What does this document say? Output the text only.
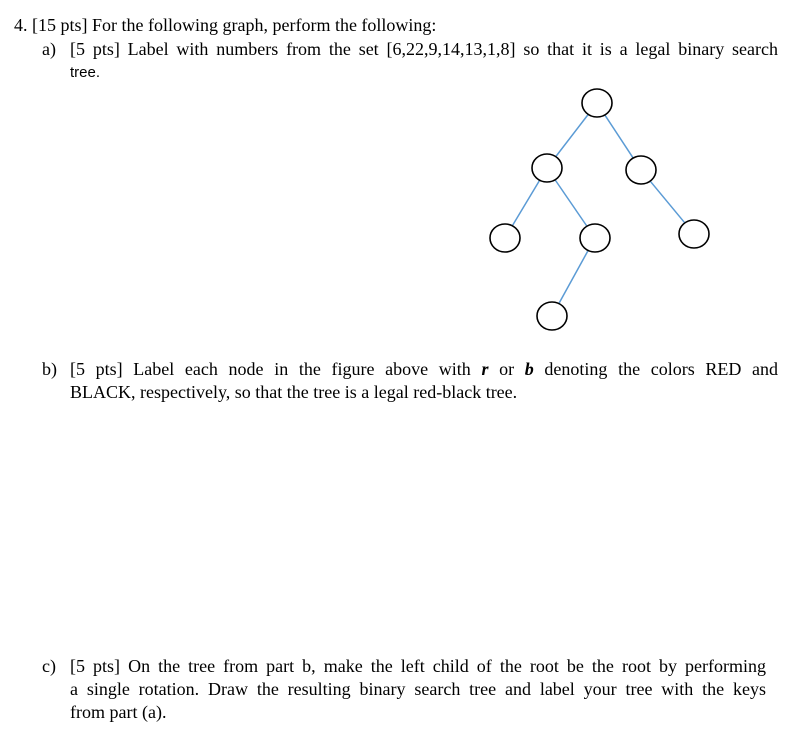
4. [15 pts] For the following graph, perform the following:
a) [5 pts] Label with numbers from the set [6,22,9,14,13,1,8] so that it is a legal binary search
tree.
b) [5 pts] Label each node in the figure above with r or b denoting the colors RED and
BLACK, respectively, so that the tree is a legal red-black tree.
c) [5 pts] On the tree from part b, make the left child of the root be the root by performing
a single rotation. Draw the resulting binary search tree and label your tree with the keys
from part (a).
